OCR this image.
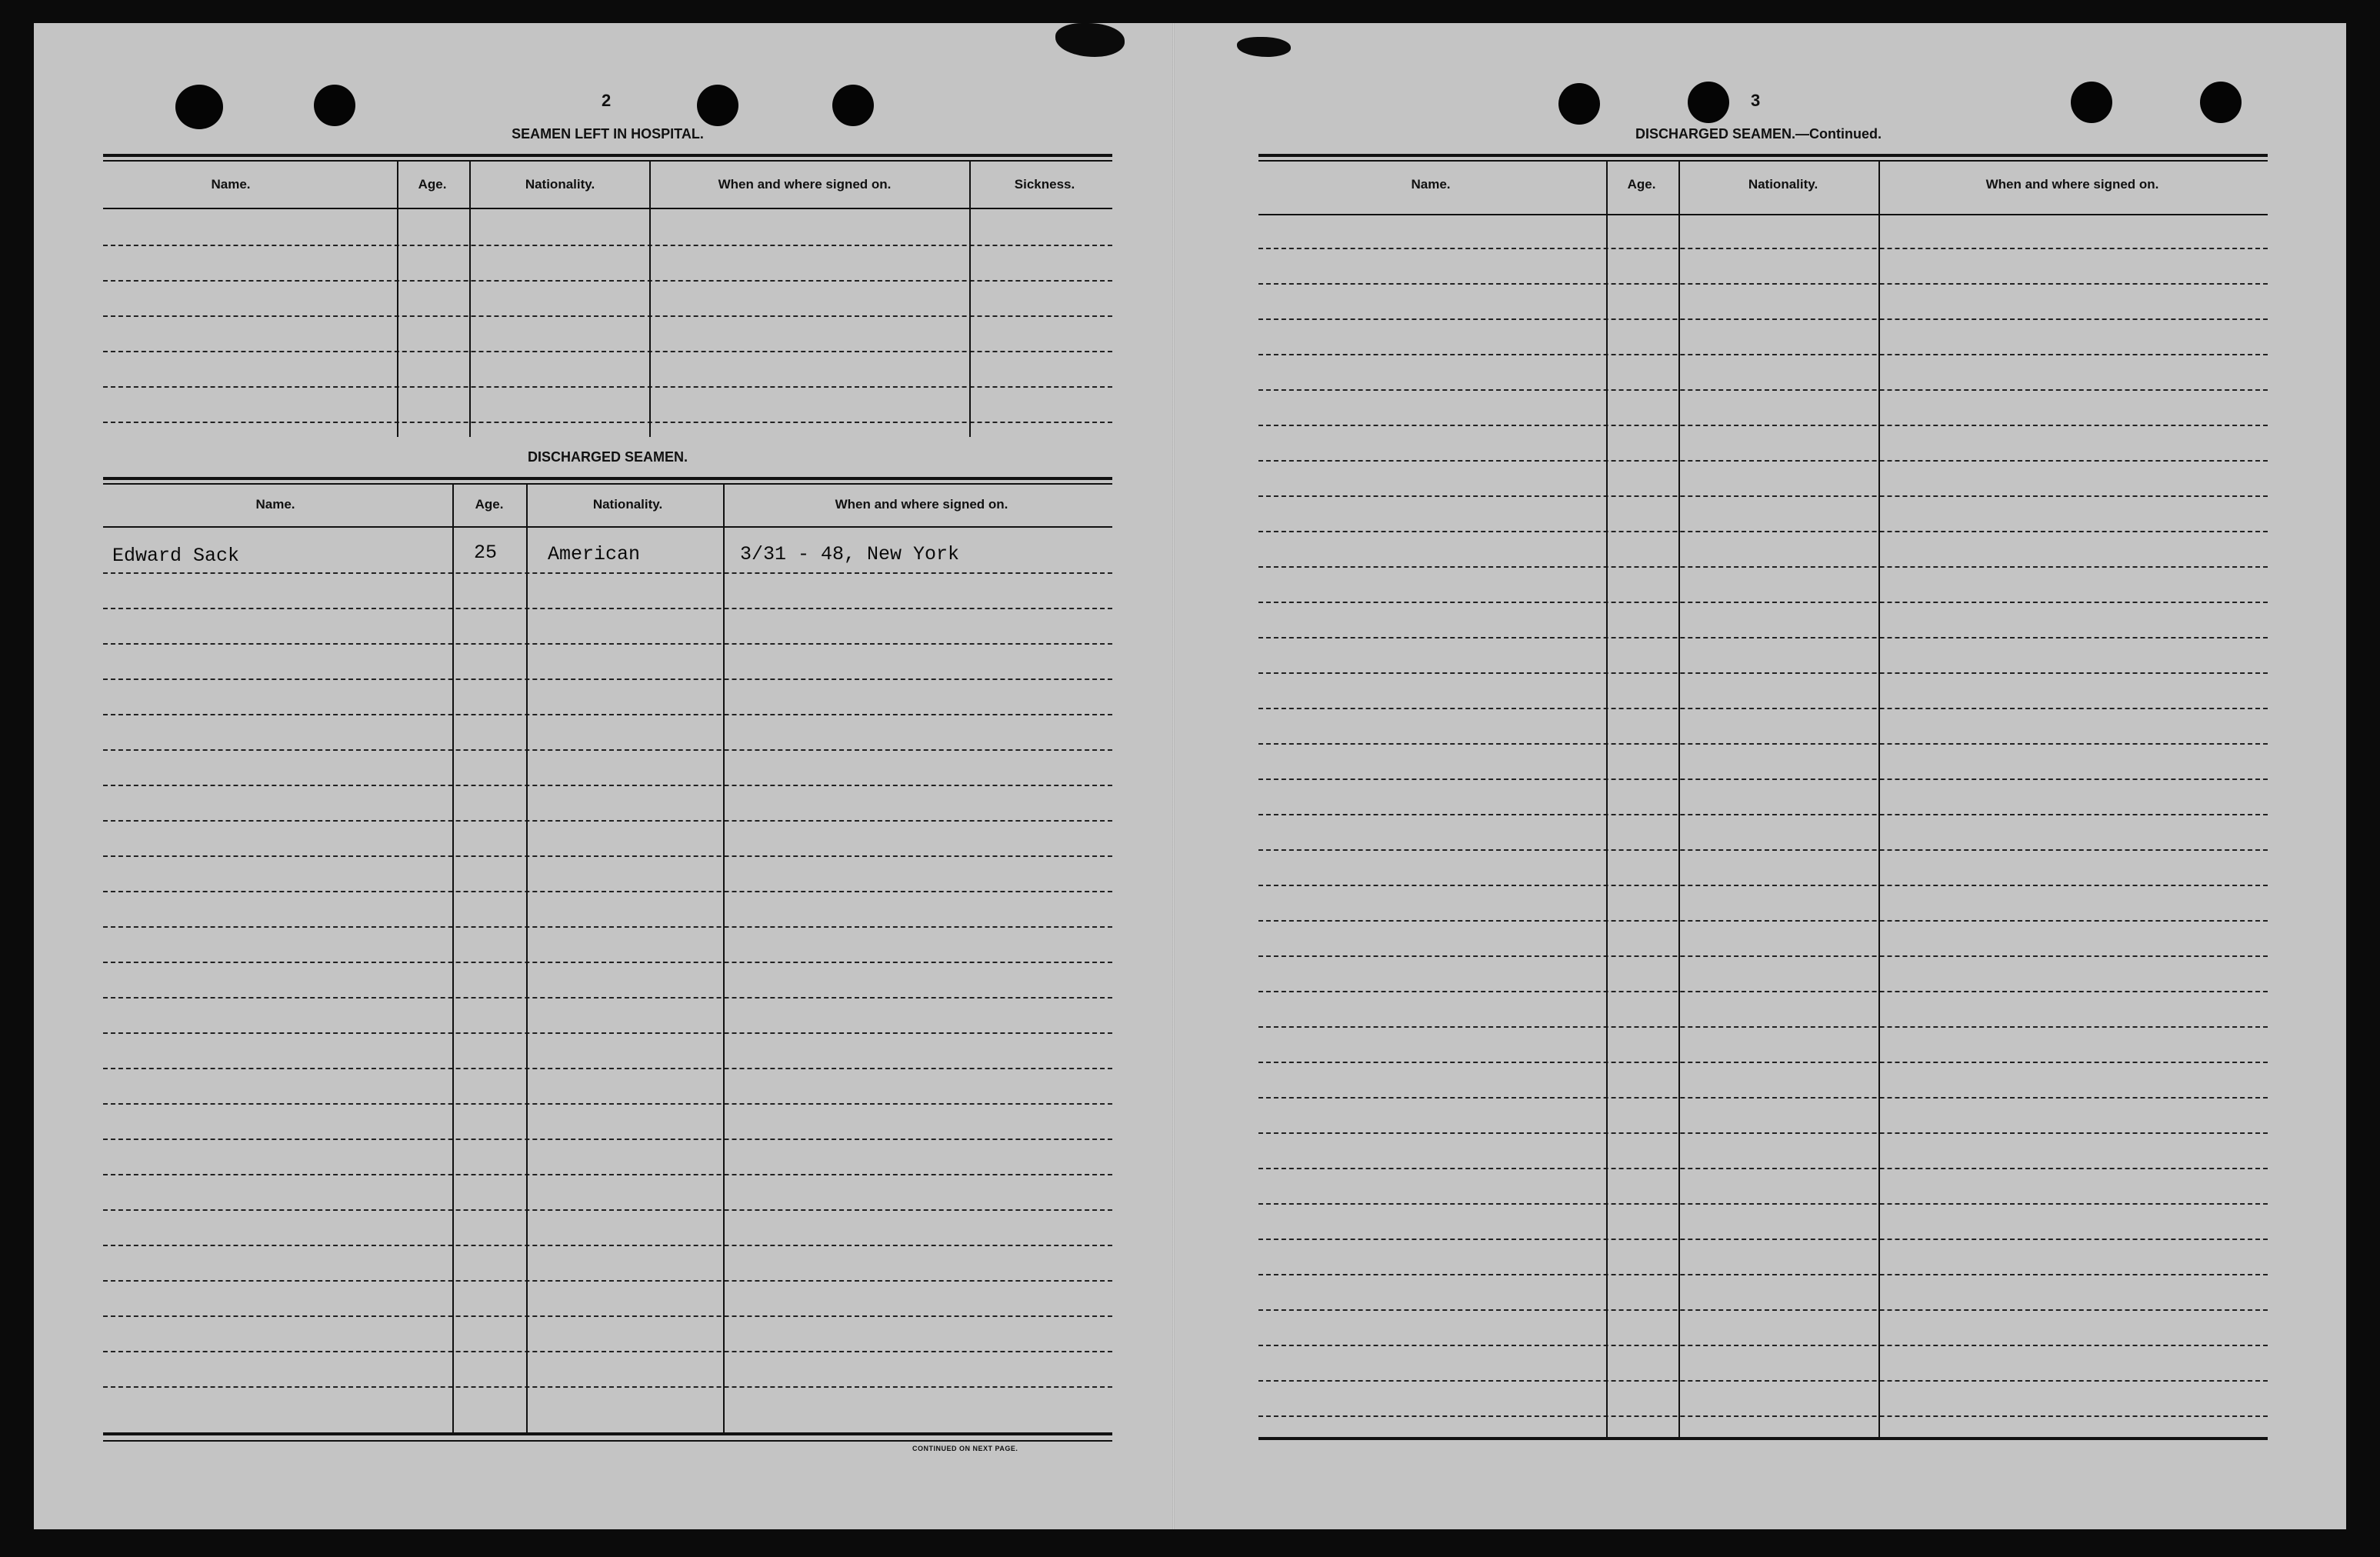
2
SEAMEN LEFT IN HOSPITAL.
Name.	Age.	Nationality.	When and where signed on.	Sickness.
DISCHARGED SEAMEN.
Name.	Age.	Nationality.	When and where signed on.
Edward Sack	25	American	3/31 - 48, New York
CONTINUED ON NEXT PAGE.
3
DISCHARGED SEAMEN.—Continued.
Name.	Age.	Nationality.	When and where signed on.
